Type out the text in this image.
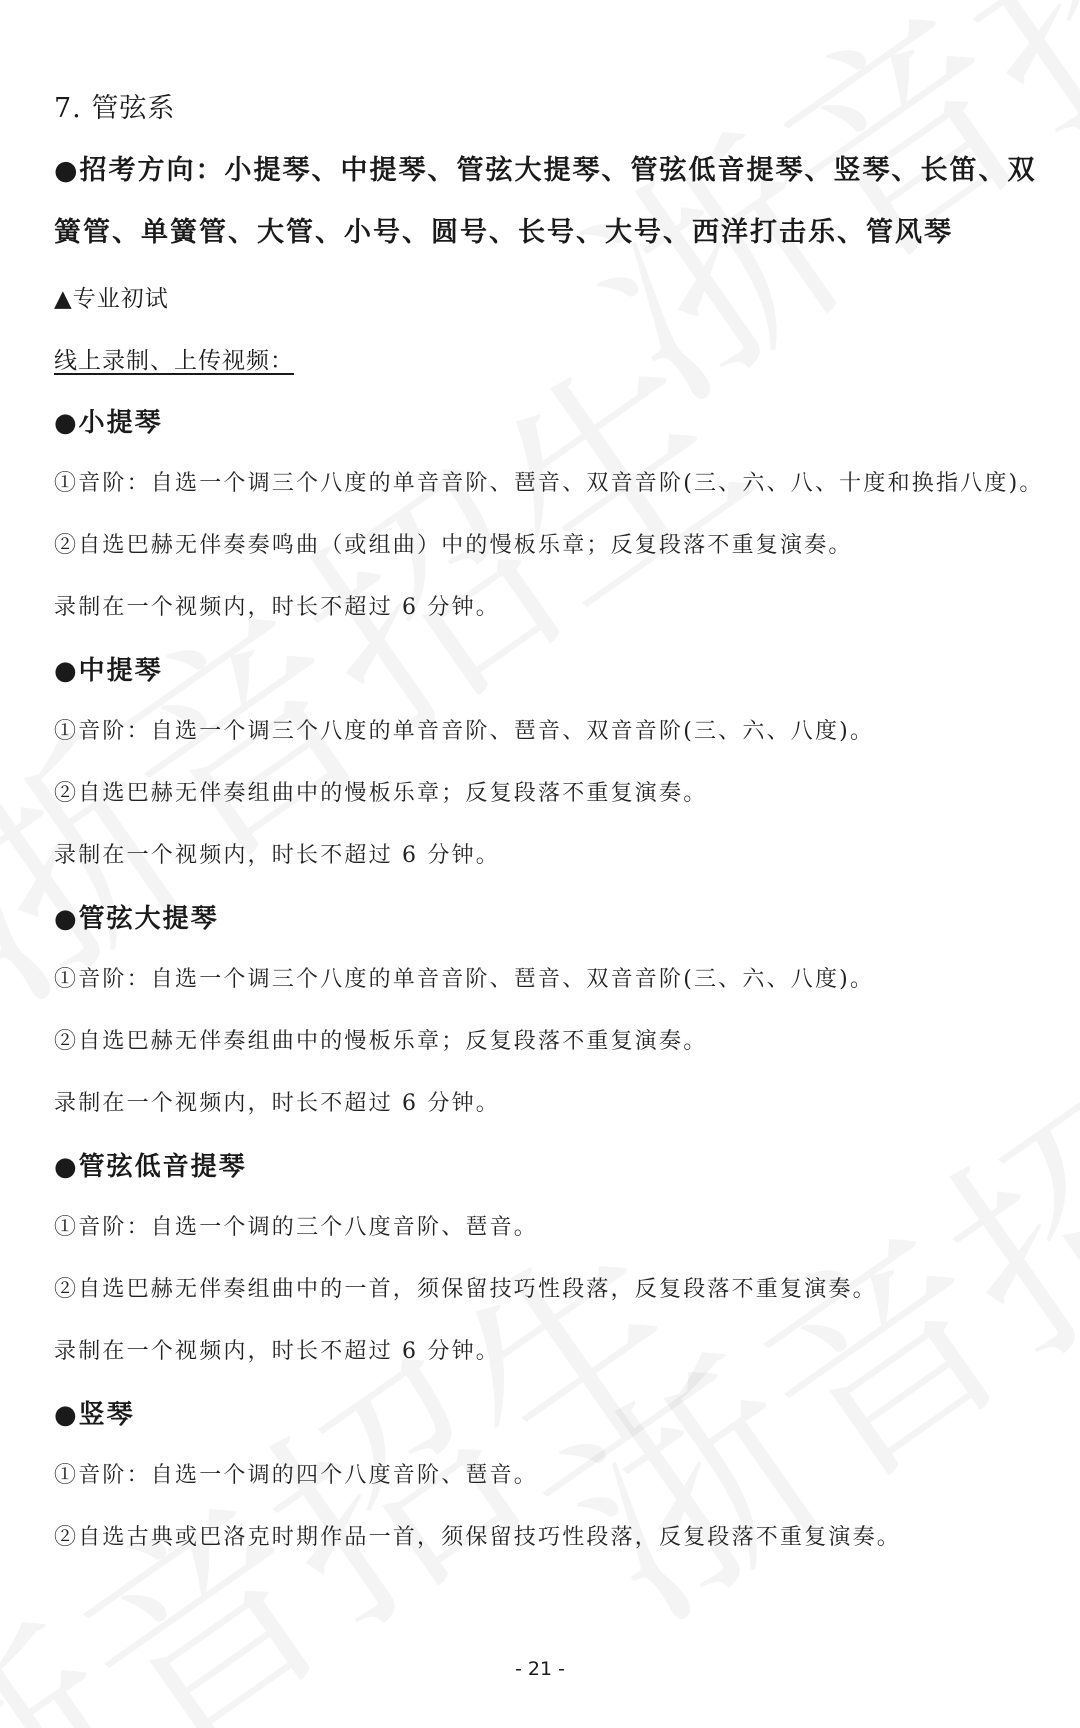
7. 管弦系
●招考方向：小提琴、中提琴、管弦大提琴、管弦低音提琴、竖琴、长笛、双
簧管、单簧管、大管、小号、圆号、长号、大号、西洋打击乐、管风琴
▲专业初试
线上录制、上传视频：
●小提琴
①音阶：自选一个调三个八度的单音音阶、琶音、双音音阶(三、六、八、十度和换指八度)。
②自选巴赫无伴奏奏鸣曲（或组曲）中的慢板乐章；反复段落不重复演奏。
录制在一个视频内，时长不超过 6 分钟。
●中提琴
①音阶：自选一个调三个八度的单音音阶、琶音、双音音阶(三、六、八度)。
②自选巴赫无伴奏组曲中的慢板乐章；反复段落不重复演奏。
录制在一个视频内，时长不超过 6 分钟。
●管弦大提琴
①音阶：自选一个调三个八度的单音音阶、琶音、双音音阶(三、六、八度)。
②自选巴赫无伴奏组曲中的慢板乐章；反复段落不重复演奏。
录制在一个视频内，时长不超过 6 分钟。
●管弦低音提琴
①音阶：自选一个调的三个八度音阶、琶音。
②自选巴赫无伴奏组曲中的一首，须保留技巧性段落，反复段落不重复演奏。
录制在一个视频内，时长不超过 6 分钟。
●竖琴
①音阶：自选一个调的四个八度音阶、琶音。
②自选古典或巴洛克时期作品一首，须保留技巧性段落，反复段落不重复演奏。
- 21 -
